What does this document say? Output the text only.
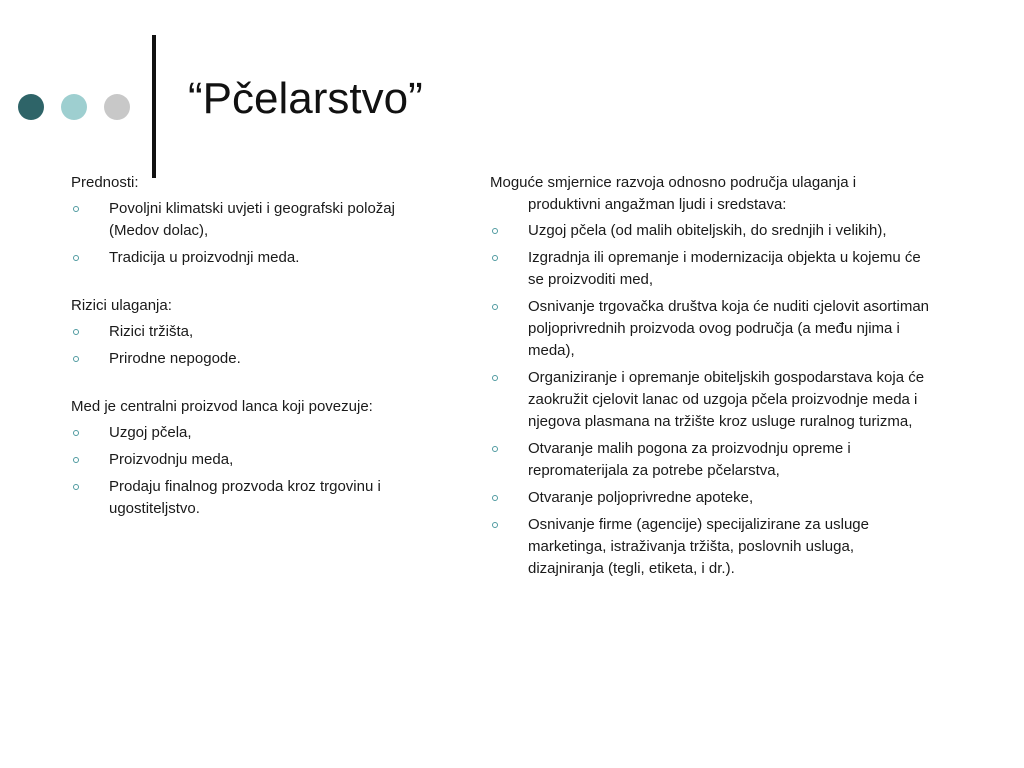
“Pčelarstvo”

Prednosti:

Povoljni klimatski uvjeti i geografski položaj (Medov dolac),
Tradicija u proizvodnji meda.

Rizici ulaganja:

Rizici tržišta,
Prirodne nepogode.

Med je centralni proizvod lanca koji povezuje:

Uzgoj pčela,
Proizvodnju meda,
Prodaju finalnog prozvoda kroz trgovinu i ugostiteljstvo.

Moguće smjernice razvoja odnosno područja ulaganja i produktivni angažman ljudi i sredstava:

Uzgoj pčela (od malih obiteljskih, do srednjih i velikih),
Izgradnja ili opremanje i modernizacija objekta u kojemu će se proizvoditi med,
Osnivanje trgovačka društva koja će nuditi cjelovit asortiman poljoprivrednih proizvoda ovog područja (a među njima i meda),
Organiziranje i opremanje obiteljskih gospodarstava koja će zaokružit cjelovit lanac od uzgoja pčela proizvodnje meda i njegova plasmana na tržište kroz usluge ruralnog turizma,
Otvaranje malih pogona za proizvodnju opreme i repromaterijala za potrebe pčelarstva,
Otvaranje poljoprivredne apoteke,
Osnivanje firme (agencije) specijalizirane za usluge marketinga, istraživanja tržišta, poslovnih usluga, dizajniranja (tegli, etiketa, i dr.).
